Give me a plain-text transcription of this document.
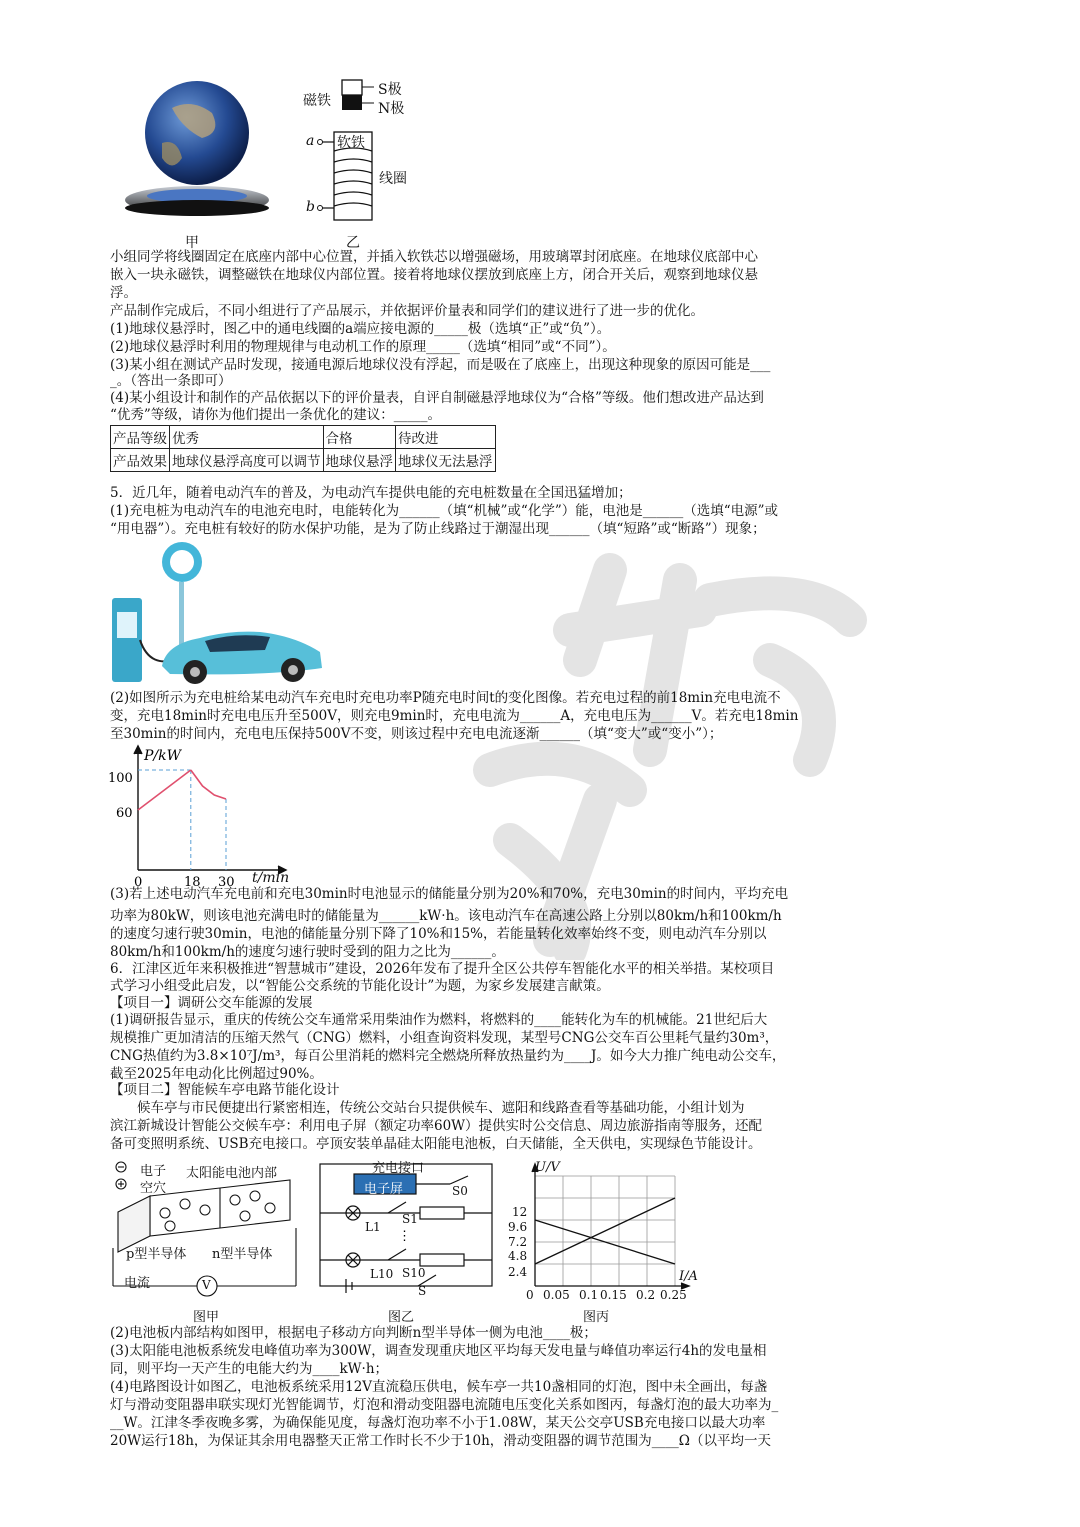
甲
磁铁
S极
N极
软铁
线圈
a
b
乙
小组同学将线圈固定在底座内部中心位置，并插入软铁芯以增强磁场，用玻璃罩封闭底座。在地球仪底部中心
嵌入一块永磁铁，调整磁铁在地球仪内部位置。接着将地球仪摆放到底座上方，闭合开关后，观察到地球仪悬
浮。
产品制作完成后，不同小组进行了产品展示，并依据评价量表和同学们的建议进行了进一步的优化。
(1)地球仪悬浮时，图乙中的通电线圈的a端应接电源的_____极（选填“正”或“负”）。
(2)地球仪悬浮时利用的物理规律与电动机工作的原理_____（选填“相同”或“不同”）。
(3)某小组在测试产品时发现，接通电源后地球仪没有浮起，而是吸在了底座上，出现这种现象的原因可能是___
_。（答出一条即可）
(4)某小组设计和制作的产品依据以下的评价量表，自评自制磁悬浮地球仪为“合格”等级。他们想改进产品达到
“优秀”等级，请你为他们提出一条优化的建议：_____。
产品等级	优秀	合格	待改进
产品效果	地球仪悬浮高度可以调节	地球仪悬浮	地球仪无法悬浮
5．近几年，随着电动汽车的普及，为电动汽车提供电能的充电桩数量在全国迅猛增加；
(1)充电桩为电动汽车的电池充电时，电能转化为______（填“机械”或“化学”）能，电池是______（选填“电源”或
“用电器”）。充电桩有较好的防水保护功能，是为了防止线路过于潮湿出现______（填“短路”或“断路”）现象；
(2)如图所示为充电桩给某电动汽车充电时充电功率P随充电时间t的变化图像。若充电过程的前18min充电电流不
变，充电18min时充电电压升至500V，则充电9min时，充电电流为______A，充电电压为______V。若充电18min
至30min的时间内，充电电压保持500V不变，则该过程中充电电流逐渐______（填“变大”或“变小”）；
P/kW
100
60
0	18 30 t/min
(3)若上述电动汽车充电前和充电30min时电池显示的储能量分别为20%和70%，充电30min的时间内，平均充电
功率为80kW，则该电池充满电时的储能量为______kW·h。该电动汽车在高速公路上分别以80km/h和100km/h
的速度匀速行驶30min，电池的储能量分别下降了10%和15%，若能量转化效率始终不变，则电动汽车分别以
80km/h和100km/h的速度匀速行驶时受到的阻力之比为______。
6．江津区近年来积极推进“智慧城市”建设，2026年发布了提升全区公共停车智能化水平的相关举措。某校项目
式学习小组受此启发，以“智能公交系统的节能化设计”为题，为家乡发展建言献策。
【项目一】调研公交车能源的发展
(1)调研报告显示，重庆的传统公交车通常采用柴油作为燃料，将燃料的____能转化为车的机械能。21世纪后大
规模推广更加清洁的压缩天然气（CNG）燃料，小组查询资料发现，某型号CNG公交车百公里耗气量约30m³，
CNG热值约为3.8×10⁷J/m³，每百公里消耗的燃料完全燃烧所释放热量约为____J。如今大力推广纯电动公交车，
截至2025年电动化比例超过90%。
【项目二】智能候车亭电路节能化设计
　　候车亭与市民便捷出行紧密相连，传统公交站台只提供候车、遮阳和线路查看等基础功能，小组计划为
滨江新城设计智能公交候车亭：利用电子屏（额定功率60W）提供实时公交信息、周边旅游指南等服务，还配
备可变照明系统、USB充电接口。亭顶安装单晶硅太阳能电池板，白天储能，全天供电，实现绿色节能设计。
电子
空穴
太阳能电池内部
p型半导体 n型半导体
电流	V
图甲
⋮
充电接口
电子屏	S0
L1
S1
L10 S10
S
图乙
U/V
I/A
12
9.6
7.2
4.8
2.4
0 0.05 0.1 0.15 0.2 0.25
图丙
(2)电池板内部结构如图甲，根据电子移动方向判断n型半导体一侧为电池____极；
(3)太阳能电池板系统发电峰值功率为300W，调查发现重庆地区平均每天发电量与峰值功率运行4h的发电量相
同，则平均一天产生的电能大约为____kW·h；
(4)电路图设计如图乙，电池板系统采用12V直流稳压供电，候车亭一共10盏相同的灯泡，图中未全画出，每盏
灯与滑动变阻器串联实现灯光智能调节，灯泡和滑动变阻器电流随电压变化关系如图丙，每盏灯泡的最大功率为_
__W。江津冬季夜晚多雾，为确保能见度，每盏灯泡功率不小于1.08W，某天公交亭USB充电接口以最大功率
20W运行18h，为保证其余用电器整天正常工作时长不少于10h，滑动变阻器的调节范围为____Ω（以平均一天
